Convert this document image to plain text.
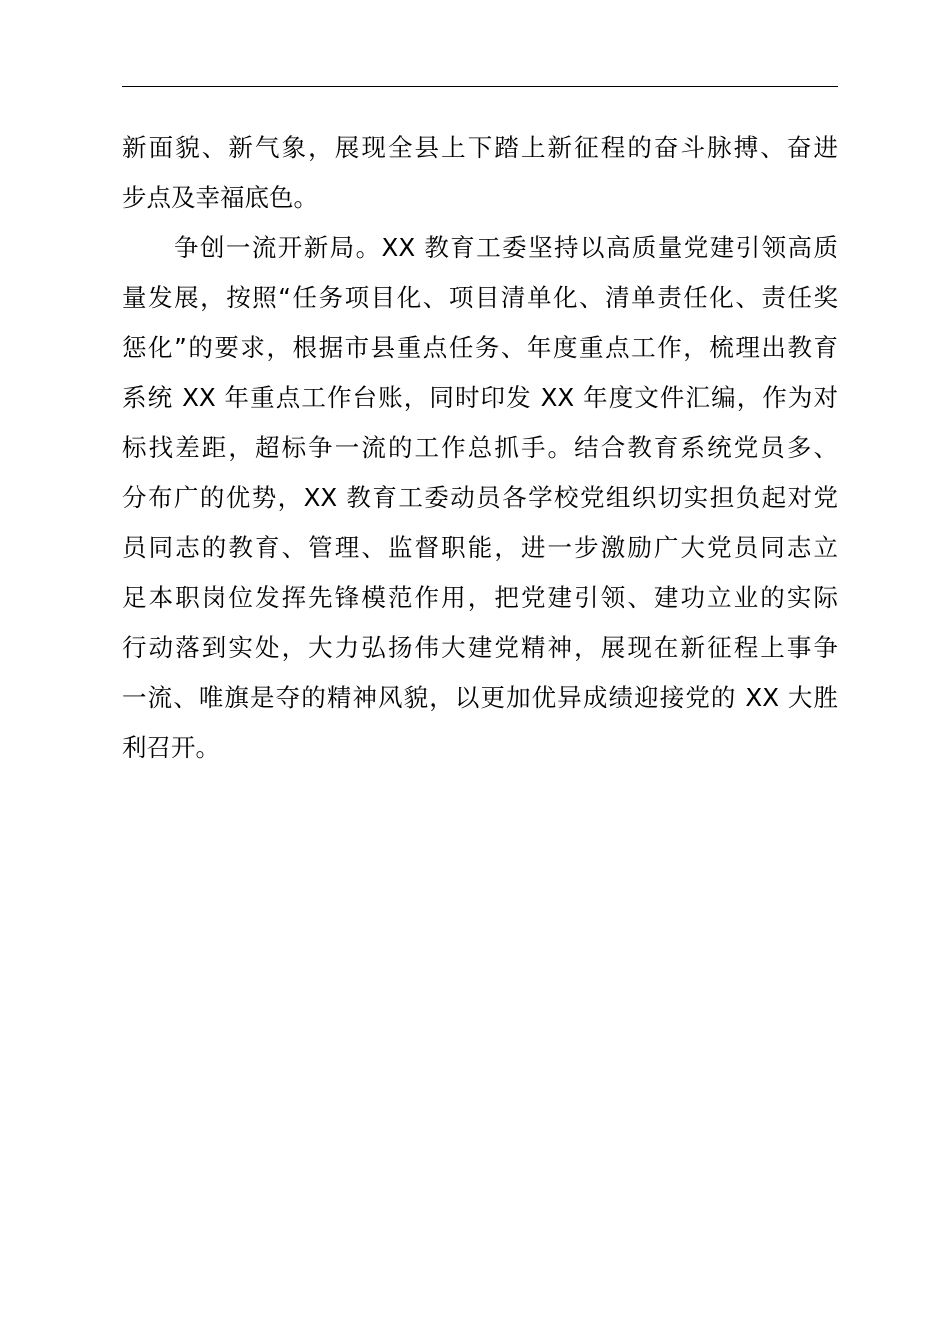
新面貌、新气象，展现全县上下踏上新征程的奋斗脉搏、奋进
步点及幸福底色。
争创一流开新局。XX 教育工委坚持以高质量党建引领高质
量发展，按照“任务项目化、项目清单化、清单责任化、责任奖
惩化”的要求，根据市县重点任务、年度重点工作，梳理出教育
系统 XX 年重点工作台账，同时印发 XX 年度文件汇编，作为对
标找差距，超标争一流的工作总抓手。结合教育系统党员多、
分布广的优势，XX 教育工委动员各学校党组织切实担负起对党
员同志的教育、管理、监督职能，进一步激励广大党员同志立
足本职岗位发挥先锋模范作用，把党建引领、建功立业的实际
行动落到实处，大力弘扬伟大建党精神，展现在新征程上事争
一流、唯旗是夺的精神风貌，以更加优异成绩迎接党的 XX 大胜
利召开。
